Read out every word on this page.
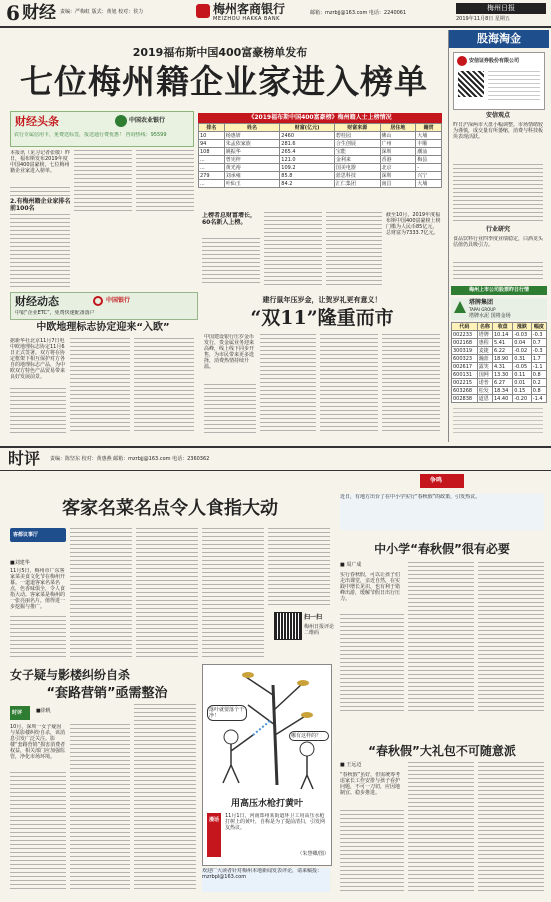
6 财经 责编：严梅虹 版式：黄旭 校对：侯力	梅州客商银行
MEIZHOU HAKKA BANK
邮箱：mzrbjj@163.com 电话：2240061
梅州日报
2019年11月8日 星期五
2019福布斯中国400富豪榜单发布
七位梅州籍企业家进入榜单
财经头条	中国农业银行
农行专属信用卡，免费送标签，报送通行费优惠！ 咨询热线：95599
本报讯（见习记者张敬）昨日，福布斯发布2019年度中国400富豪榜，七位梅州籍企业家进入榜单。
2.有梅州籍企业家排名前100名
《2019福布斯中国400富豪榜》梅州籍人士上榜情况
排名	姓名	财富(亿元)	财富来源	居住地	籍贯
10	杨惠妍	2460	碧桂园	佛山	大埔
94	朱孟依家族	281.6	合生创展	广州	丰顺
108	姚振华	265.4	宝能	深圳	潮汕
...	曾宪梓	121.0	金利来	香港	梅县
...	黄光裕	109.2	国美电器	北京	-
279	刘承雍	85.8	蓝思科技	深圳	兴宁
...	叶仙玉	84.2	汇仁集团	南昌	大埔
上榜者总财富增长，60名新人上榜。
截至10月，2019年度福布斯中国400富豪榜上榜门槛为人民币85亿元，总财富为7333.7亿元。
财经动态	中国银行
中银“企业ETC”，免费快速配备落户
中欧地理标志协定迎来“入欧”
据新华社北京11月7日电 中欧地理标志协定11月6日正式签署。双方将在协定框架下相互保护对方各自的地理标志产品，为中欧双方特色产品贸易带来良好发展前景。
建行鼠年压岁金，让贺岁礼更有意义！
“双11”隆重而市
中国建设银行压岁金币发行，贵金属业务迎来高峰，线上线下同步开售，为市民带来更多选择，消费热情持续升温。
股海淘金
安信证券股份有限公司
安信观点
昨日沪深两市大盘小幅调整。市场情绪较为谨慎，成交量有所萎缩，消费与科技板块表现活跃。
行业研究
食品饮料行业四季度业绩稳定，白酒龙头估值仍具吸引力。
梅州上市公司股票昨日行情
塔牌集团
TAPAI GROUP
塔牌水泥 国将金场
代码	名称	收盘	涨跌	幅度
002233	塔牌	10.14	-0.03	-0.3
002168	惠程	5.41	0.04	0.7
300319	麦捷	6.22	-0.02	-0.3
600323	瀚蓝	18.90	0.31	1.7
002617	露笑	4.31	-0.05	-1.1
600131	国网	13.30	0.11	0.8
002215	诺普	6.27	0.01	0.2
603268	松发	18.34	0.15	0.8
002838	道恩	14.40	-0.20	-1.4
时评 责编：陈坚东 校对：黄惠燕 邮箱：mzrbjj@163.com 电话：2360362
客家名菜名点令人食指大动
客都议事厅
■刘建华
11月5日，梅州市广东客家菜美食文化节在梅州开幕。一道道客家名菜名点，色香味俱全，令人食指大动。客家菜是梅州的一张亮丽名片，值得进一步挖掘与推广。
扫一扫
梅州日报评论二维码
女子疑与影楼纠纷自杀
“套路营销”亟需整治
时评	■徐帆
10月，深圳一女子疑因与某影楼纠纷自杀，该消息引发广泛关注。影楼“套路营销”损害消费者权益，相关部门应加强监管，净化市场环境。
落叶就要落个干净！
哪有这样的？
用高压水枪打黄叶
漫话
11月1日，河南郑州某街道环卫工用高压水枪打树上的黄叶，自称是为了提前清扫，引发网友热议。
（朱慧卿/图）
欢迎广大读者针对梅州本地新闻发表评论，请来稿投：mzrbpl@163.com
争鸣
近日，有地方出台了在中小学实行“春秋假”的政策，引发热议。
中小学“春秋假”很有必要
■ 周广成
实行春秋假，可以让孩子们走出课堂，亲近自然，在实践中增长见识，也有利于错峰出游，缓解节假日出行压力。
“春秋假”大礼包不可随意派
■ 王远迈
“春秋假”虽好，但需统筹考虑家长工作安排与孩子看护问题，不可一刀切，应因地制宜、稳步推进。
